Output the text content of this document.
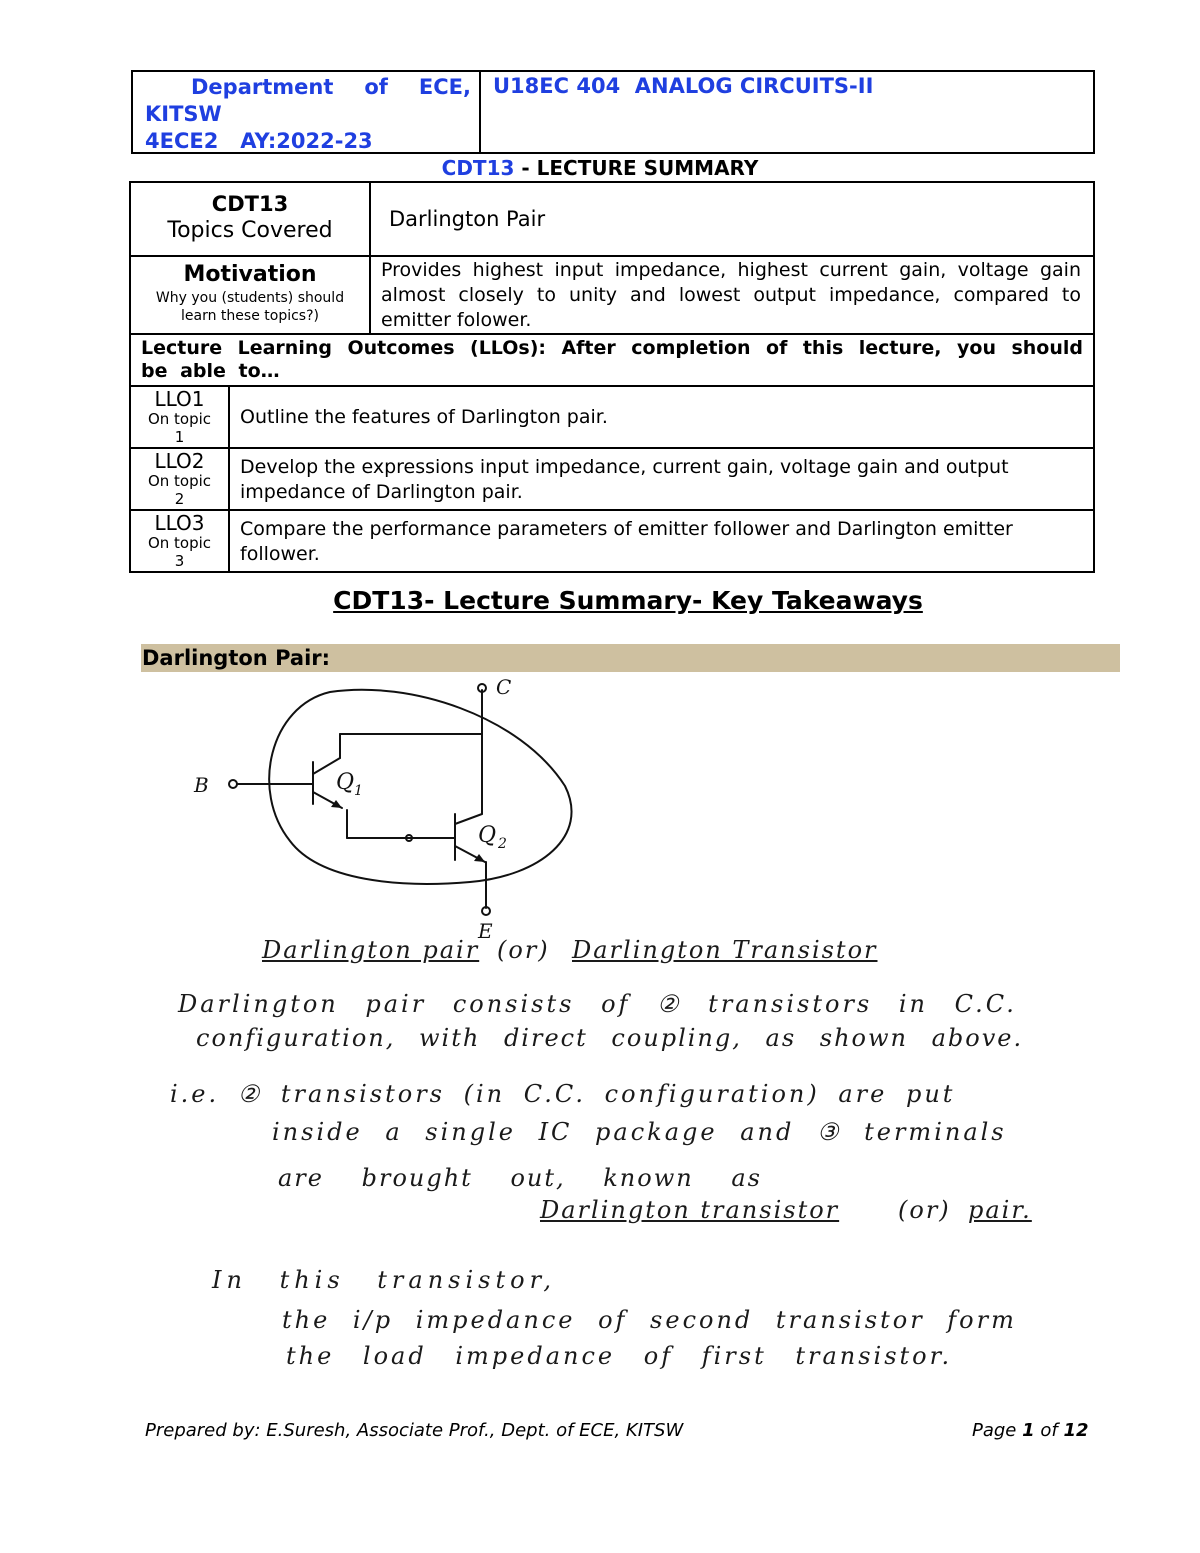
Department of ECE,
KITSW
4ECE2   AY:2022-23
U18EC 404  ANALOG CIRCUITS-II
CDT13 - LECTURE SUMMARY
CDT13
Topics Covered		Darlington Pair

Motivation
Why you (students) should learn these topics?)		Provides highest input impedance, highest current gain, voltage gain almost closely to unity and lowest output impedance, compared to emitter folower.

Lecture Learning Outcomes (LLOs): After completion of this lecture, you should be able to…		

LLO1
On topic
1	Outline the features of Darlington pair.	

LLO2
On topic
2	Develop the expressions input impedance, current gain, voltage gain and output impedance of Darlington pair.	

LLO3
On topic
3	Compare the performance parameters of emitter follower and Darlington emitter follower.	
CDT13- Lecture Summary- Key Takeaways
Darlington Pair:
C
B
E
Q 1
Q 2
Darlington pair (or) Darlington Transistor
Darlington pair consists of ② transistors in C.C.
configuration, with direct coupling, as shown above.
i.e. ② transistors (in C.C. configuration) are put
inside a single IC package and ③ terminals
are brought out, known as
Darlington transistor (or) pair.
In this transistor,
the i/p impedance of second transistor form
the load impedance of first transistor.
Prepared by: E.Suresh, Associate Prof., Dept. of ECE, KITSW	Page 1 of 12
